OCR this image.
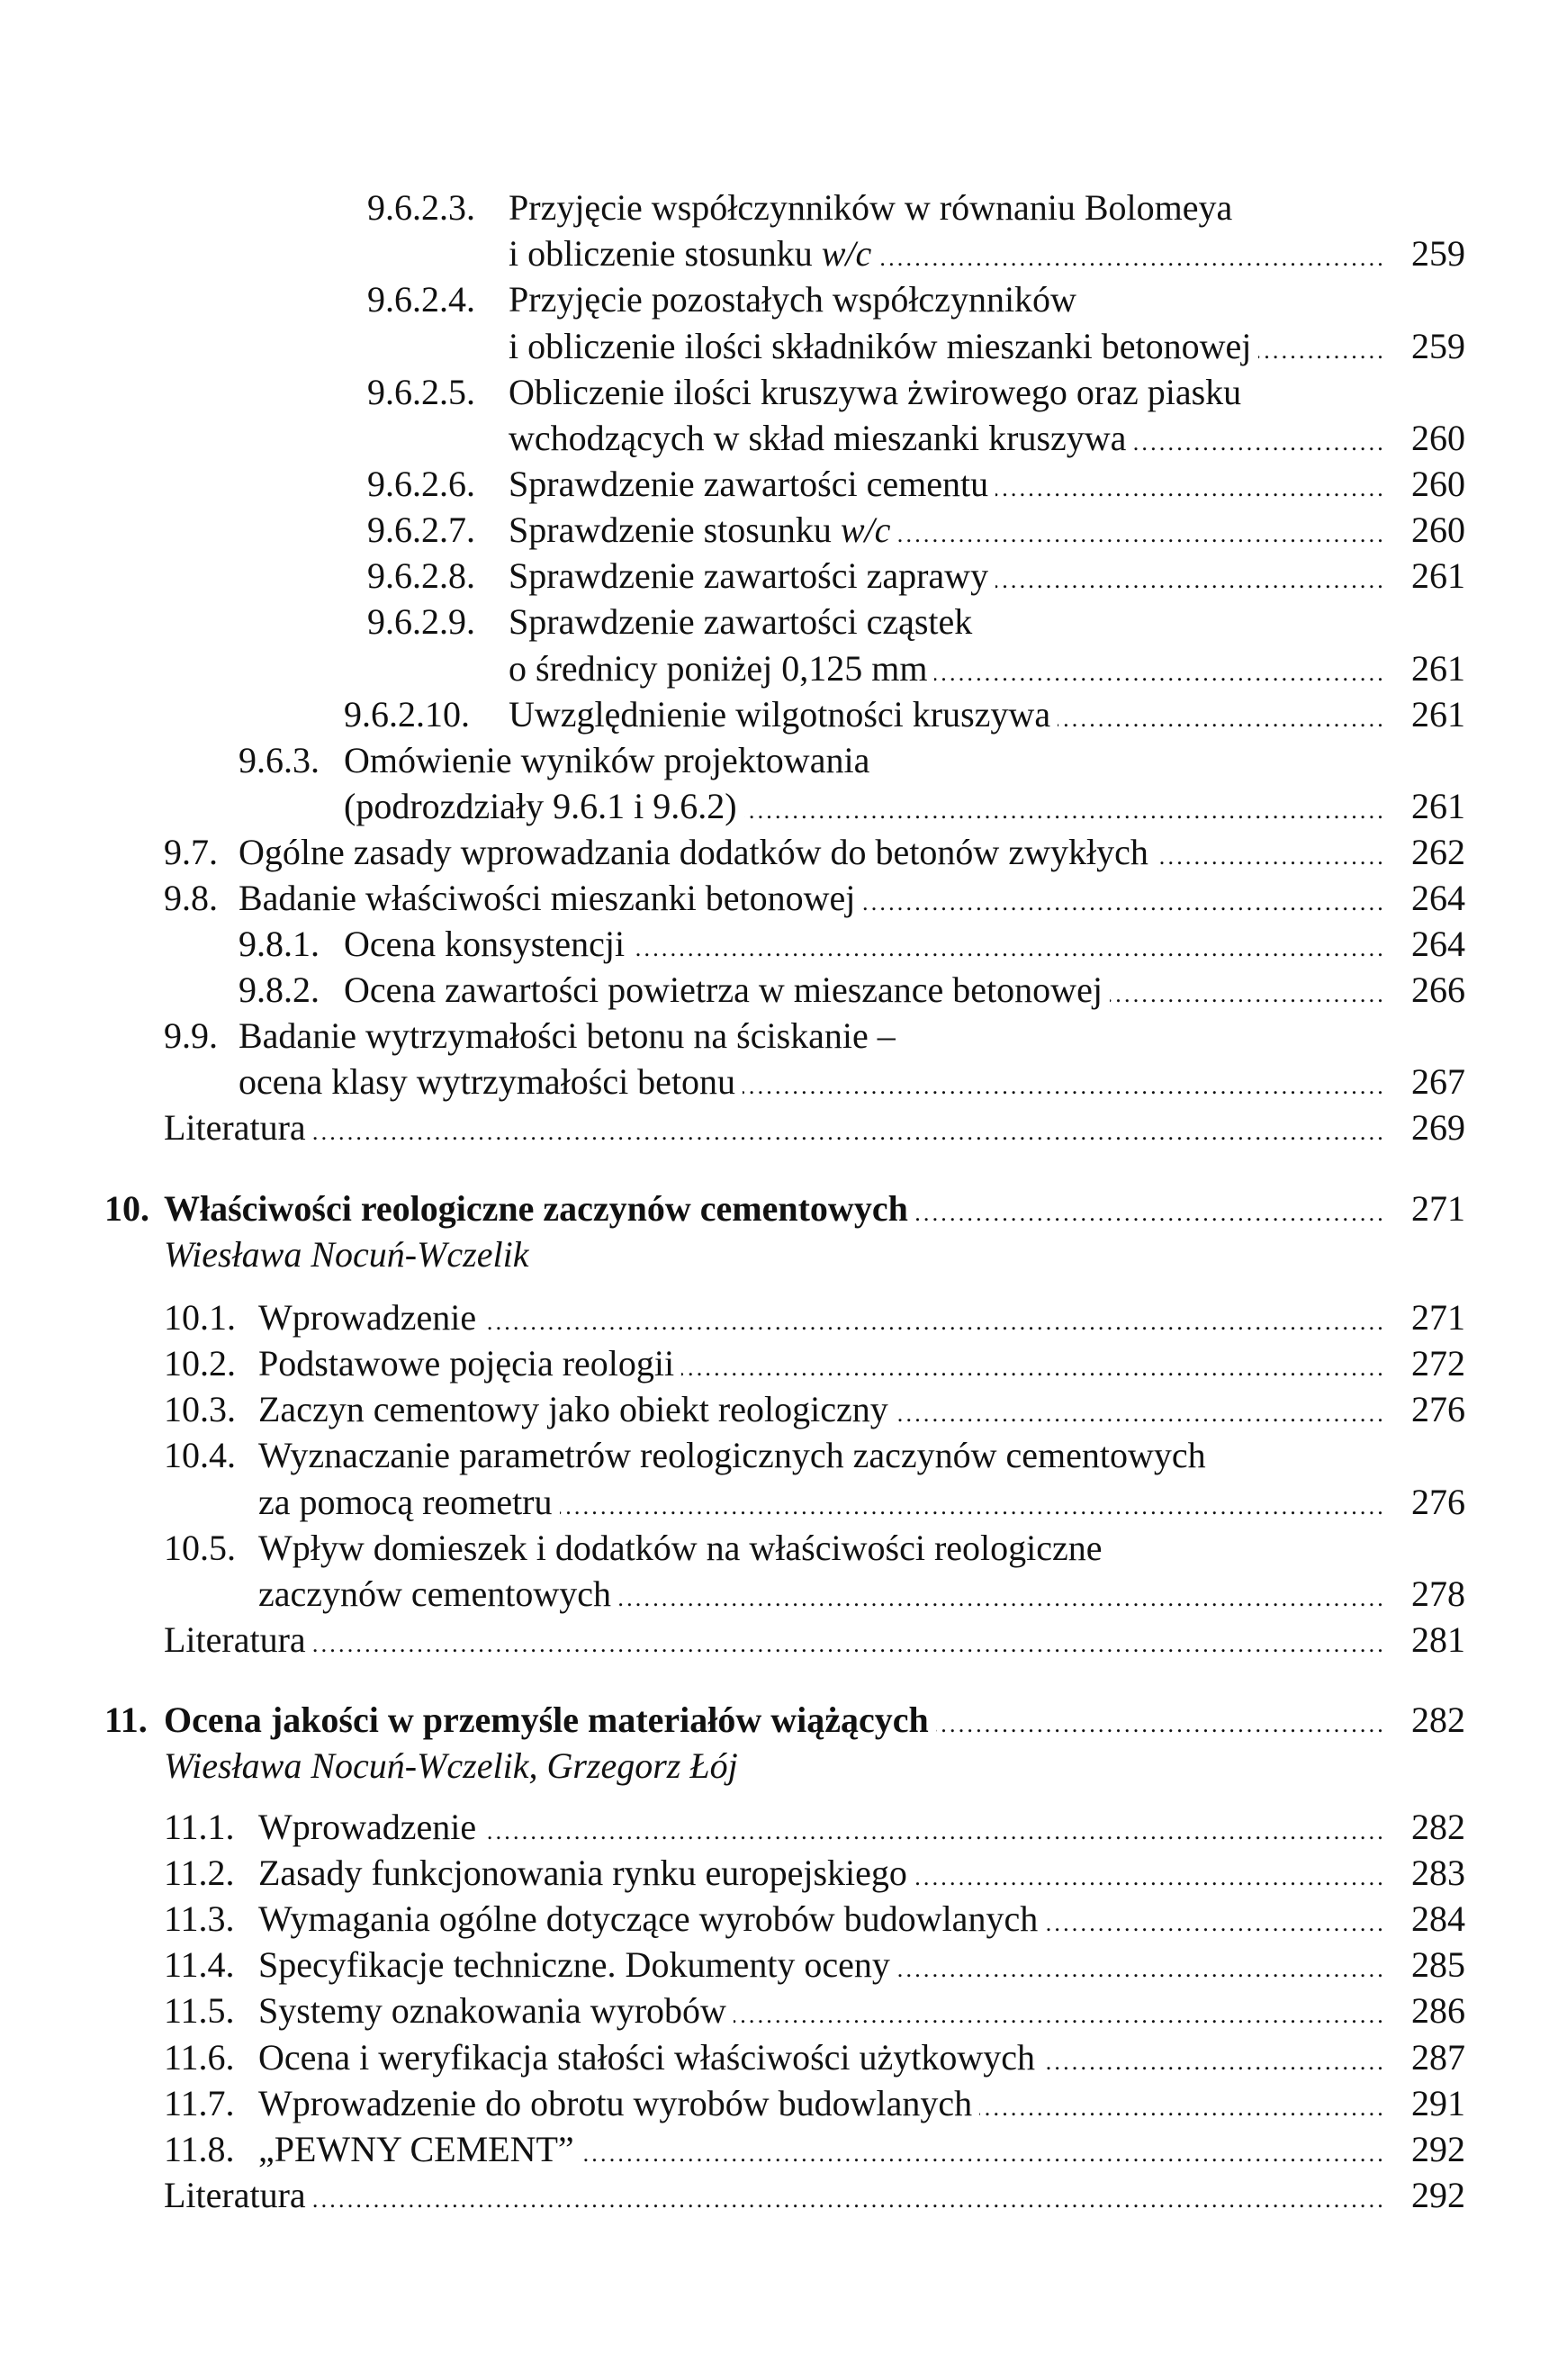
9.6.2.3. Przyjęcie współczynników w równaniu Bolomeya
i obliczenie stosunku w/c .....	259
9.6.2.4. Przyjęcie pozostałych współczynników
i obliczenie ilości składników mieszanki betonowej .....	259
9.6.2.5. Obliczenie ilości kruszywa żwirowego oraz piasku
wchodzących w skład mieszanki kruszywa .....	260
9.6.2.6. Sprawdzenie zawartości cementu .....	260
9.6.2.7. Sprawdzenie stosunku w/c .....	260
9.6.2.8. Sprawdzenie zawartości zaprawy .....	261
9.6.2.9. Sprawdzenie zawartości cząstek
o średnicy poniżej 0,125 mm .....	261
9.6.2.10. Uwzględnienie wilgotności kruszywa .....	261
9.6.3. Omówienie wyników projektowania
(podrozdziały 9.6.1 i 9.6.2) .....	261
9.7. Ogólne zasady wprowadzania dodatków do betonów zwykłych .....	262
9.8. Badanie właściwości mieszanki betonowej .....	264
9.8.1. Ocena konsystencji .....	264
9.8.2. Ocena zawartości powietrza w mieszance betonowej .....	266
9.9. Badanie wytrzymałości betonu na ściskanie –
ocena klasy wytrzymałości betonu .....	267
Literatura .....	269
10. Właściwości reologiczne zaczynów cementowych .....	271
Wiesława Nocuń-Wczelik
10.1. Wprowadzenie .....	271
10.2. Podstawowe pojęcia reologii .....	272
10.3. Zaczyn cementowy jako obiekt reologiczny .....	276
10.4. Wyznaczanie parametrów reologicznych zaczynów cementowych
za pomocą reometru .....	276
10.5. Wpływ domieszek i dodatków na właściwości reologiczne
zaczynów cementowych .....	278
Literatura .....	281
11. Ocena jakości w przemyśle materiałów wiążących .....	282
Wiesława Nocuń-Wczelik, Grzegorz Łój
11.1. Wprowadzenie .....	282
11.2. Zasady funkcjonowania rynku europejskiego .....	283
11.3. Wymagania ogólne dotyczące wyrobów budowlanych .....	284
11.4. Specyfikacje techniczne. Dokumenty oceny .....	285
11.5. Systemy oznakowania wyrobów .....	286
11.6. Ocena i weryfikacja stałości właściwości użytkowych .....	287
11.7. Wprowadzenie do obrotu wyrobów budowlanych .....	291
11.8. „PEWNY CEMENT” .....	292
Literatura .....	292
